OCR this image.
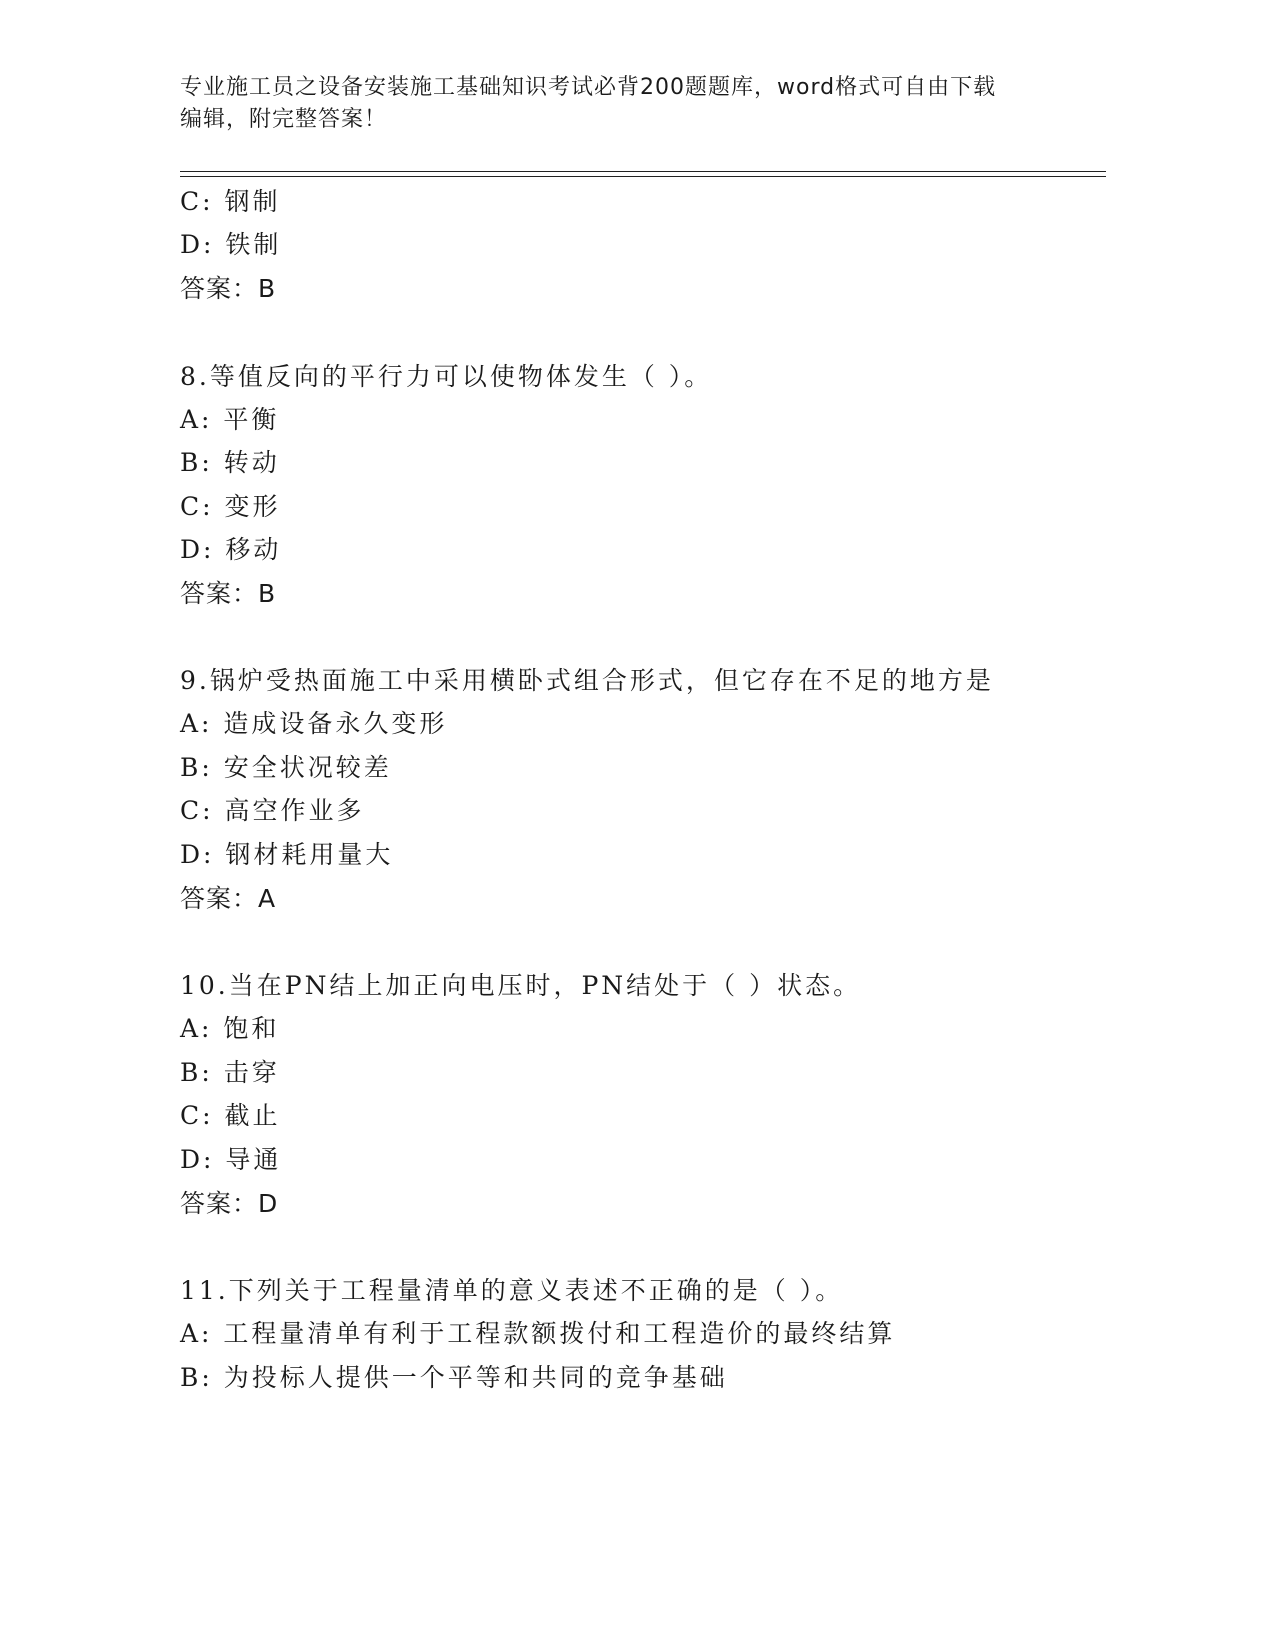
专业施工员之设备安装施工基础知识考试必背200题题库，word格式可自由下载
编辑，附完整答案！
C: 钢制
D: 铁制
答案：B
8.等值反向的平行力可以使物体发生（ ）。
A: 平衡
B: 转动
C: 变形
D: 移动
答案：B
9.锅炉受热面施工中采用横卧式组合形式，但它存在不足的地方是
A: 造成设备永久变形
B: 安全状况较差
C: 高空作业多
D: 钢材耗用量大
答案：A
10.当在PN结上加正向电压时，PN结处于（ ）状态。
A: 饱和
B: 击穿
C: 截止
D: 导通
答案：D
11.下列关于工程量清单的意义表述不正确的是（ ）。
A: 工程量清单有利于工程款额拨付和工程造价的最终结算
B: 为投标人提供一个平等和共同的竞争基础
